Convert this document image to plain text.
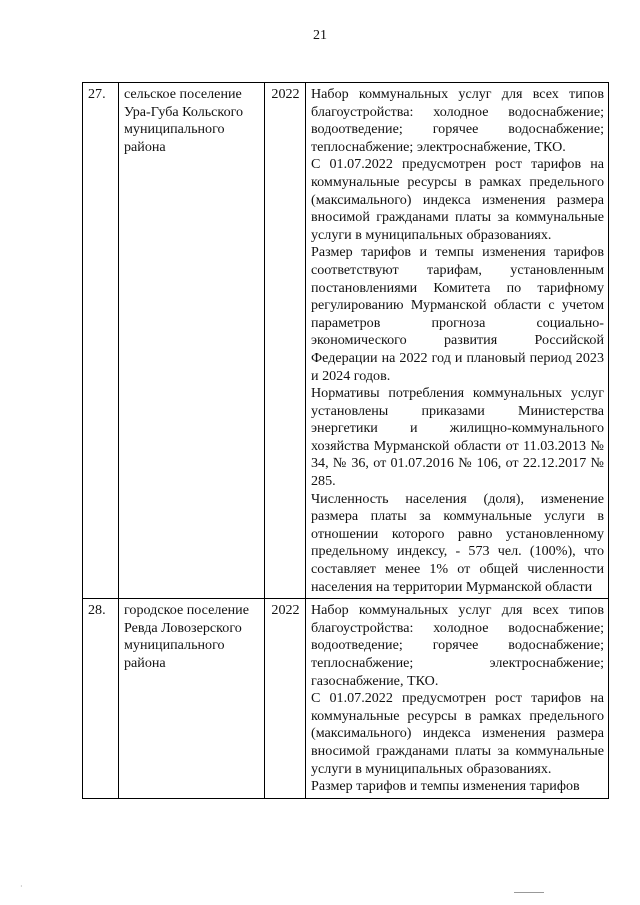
21
27.	сельское поселение Ура-Губа Кольского муниципального района	2022	Набор коммунальных услуг для всех типов благоустройства: холодное водоснабжение; водоотведение; горячее водоснабжение; теплоснабжение; электроснабжение, ТКО.

С 01.07.2022 предусмотрен рост тарифов на коммунальные ресурсы в рамках предельного (максимального) индекса изменения размера вносимой гражданами платы за коммунальные услуги в муниципальных образованиях.

Размер тарифов и темпы изменения тарифов соответствуют тарифам, установленным постановлениями Комитета по тарифному регулированию Мурманской области с учетом параметров прогноза социально-экономического развития Российской Федерации на 2022 год и плановый период 2023 и 2024 годов.

Нормативы потребления коммунальных услуг установлены приказами Министерства энергетики и жилищно-коммунального хозяйства Мурманской области от 11.03.2013 № 34, № 36, от 01.07.2016 № 106, от 22.12.2017 № 285.

Численность населения (доля), изменение размера платы за коммунальные услуги в отношении которого равно установленному предельному индексу, - 573 чел. (100%), что составляет менее 1% от общей численности населения на территории Мурманской области

28.	городское поселение Ревда Ловозерского муниципального района	2022	Набор коммунальных услуг для всех типов благоустройства: холодное водоснабжение; водоотведение; горячее водоснабжение; теплоснабжение; электроснабжение; газоснабжение, ТКО.

С 01.07.2022 предусмотрен рост тарифов на коммунальные ресурсы в рамках предельного (максимального) индекса изменения размера вносимой гражданами платы за коммунальные услуги в муниципальных образованиях.

Размер тарифов и темпы изменения тарифов

·
